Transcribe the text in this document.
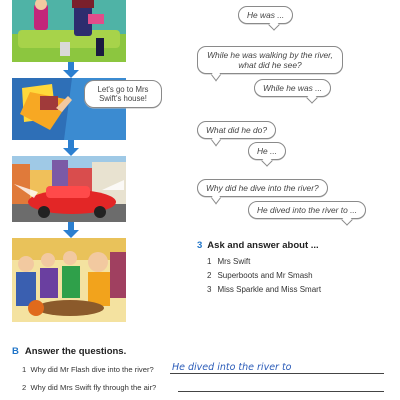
Let's go to Mrs Swift's house!
He was ...
While he was walking by the river, what did he see?
While he was ...
What did he do?
He ...
Why did he dive into the river?
He dived into the river to ...
3 Ask and answer about ...
1 Mrs Swift
2 Superboots and Mr Smash
3 Miss Sparkle and Miss Smart
B Answer the questions.
1 Why did Mr Flash dive into the river? He dived into the river to
2 Why did Mrs Swift fly through the air?
